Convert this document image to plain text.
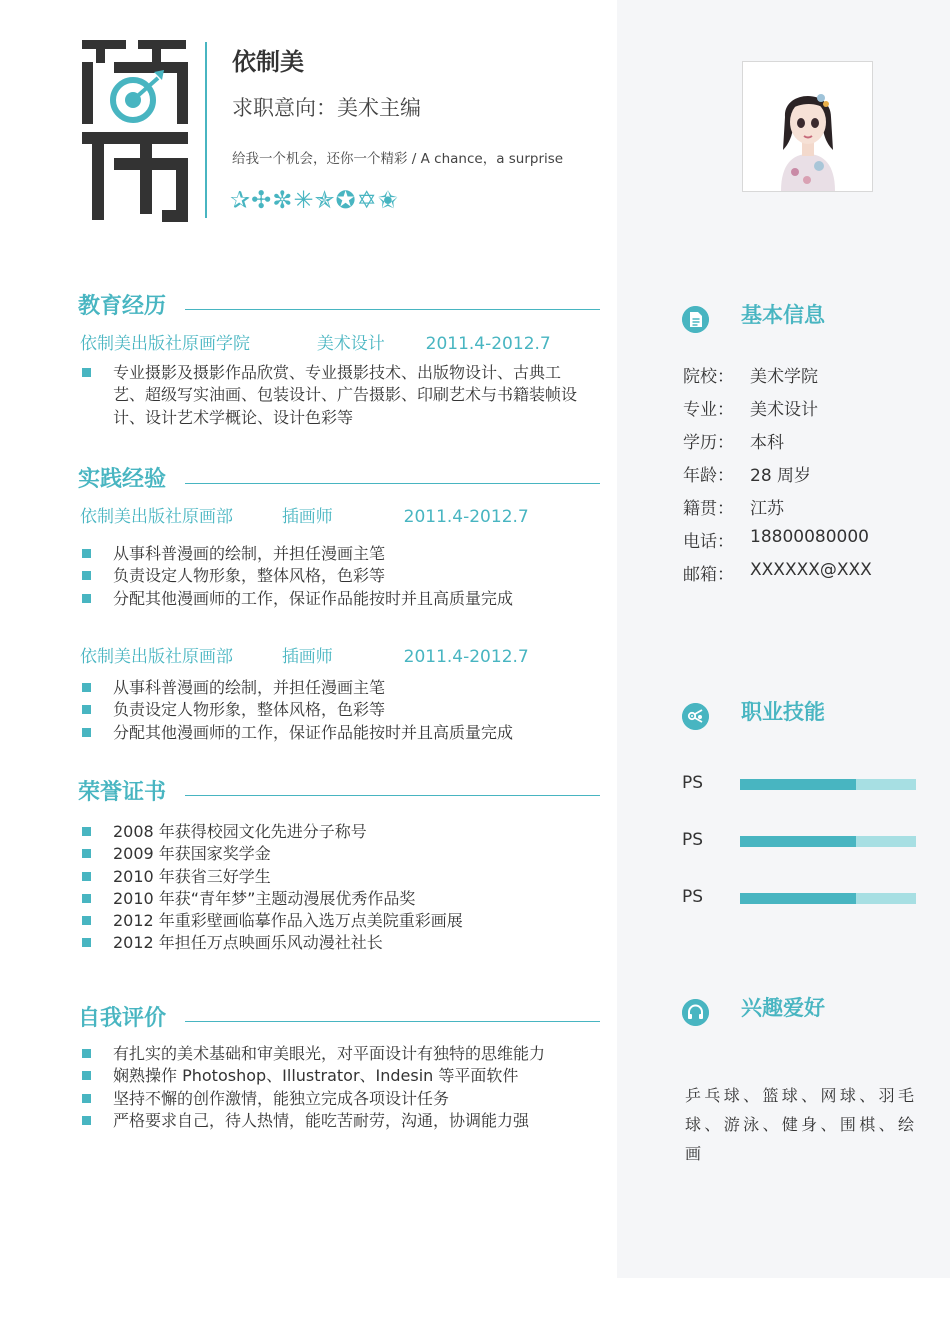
依制美
求职意向：美术主编
给我一个机会，还你一个精彩 / A chance，a surprise
✰✣✼✳✯✪✡✬
教育经历
依制美出版社原画学院	美术设计 2011.4-2012.7
专业摄影及摄影作品欣赏、专业摄影技术、出版物设计、古典工艺、超级写实油画、包装设计、广告摄影、印刷艺术与书籍装帧设计、设计艺术学概论、设计色彩等
实践经验
依制美出版社原画部	插画师	2011.4-2012.7
从事科普漫画的绘制，并担任漫画主笔
负责设定人物形象，整体风格，色彩等
分配其他漫画师的工作，保证作品能按时并且高质量完成
依制美出版社原画部	插画师	2011.4-2012.7
从事科普漫画的绘制，并担任漫画主笔
负责设定人物形象，整体风格，色彩等
分配其他漫画师的工作，保证作品能按时并且高质量完成
荣誉证书
2008 年获得校园文化先进分子称号
2009 年获国家奖学金
2010 年获省三好学生
2010 年获“青年梦”主题动漫展优秀作品奖
2012 年重彩壁画临摹作品入选万点美院重彩画展
2012 年担任万点映画乐风动漫社社长
自我评价
有扎实的美术基础和审美眼光，对平面设计有独特的思维能力
娴熟操作 Photoshop、Illustrator、Indesin 等平面软件
坚持不懈的创作激情，能独立完成各项设计任务
严格要求自己，待人热情，能吃苦耐劳，沟通，协调能力强
基本信息
院校： 美术学院
专业： 美术设计
学历： 本科
年龄： 28 周岁
籍贯： 江苏
电话： 18800080000
邮箱： XXXXXX@XXX
职业技能
PS
PS
PS
兴趣爱好
乒乓球、篮球、网球、羽毛球、游泳、健身、围棋、绘画
